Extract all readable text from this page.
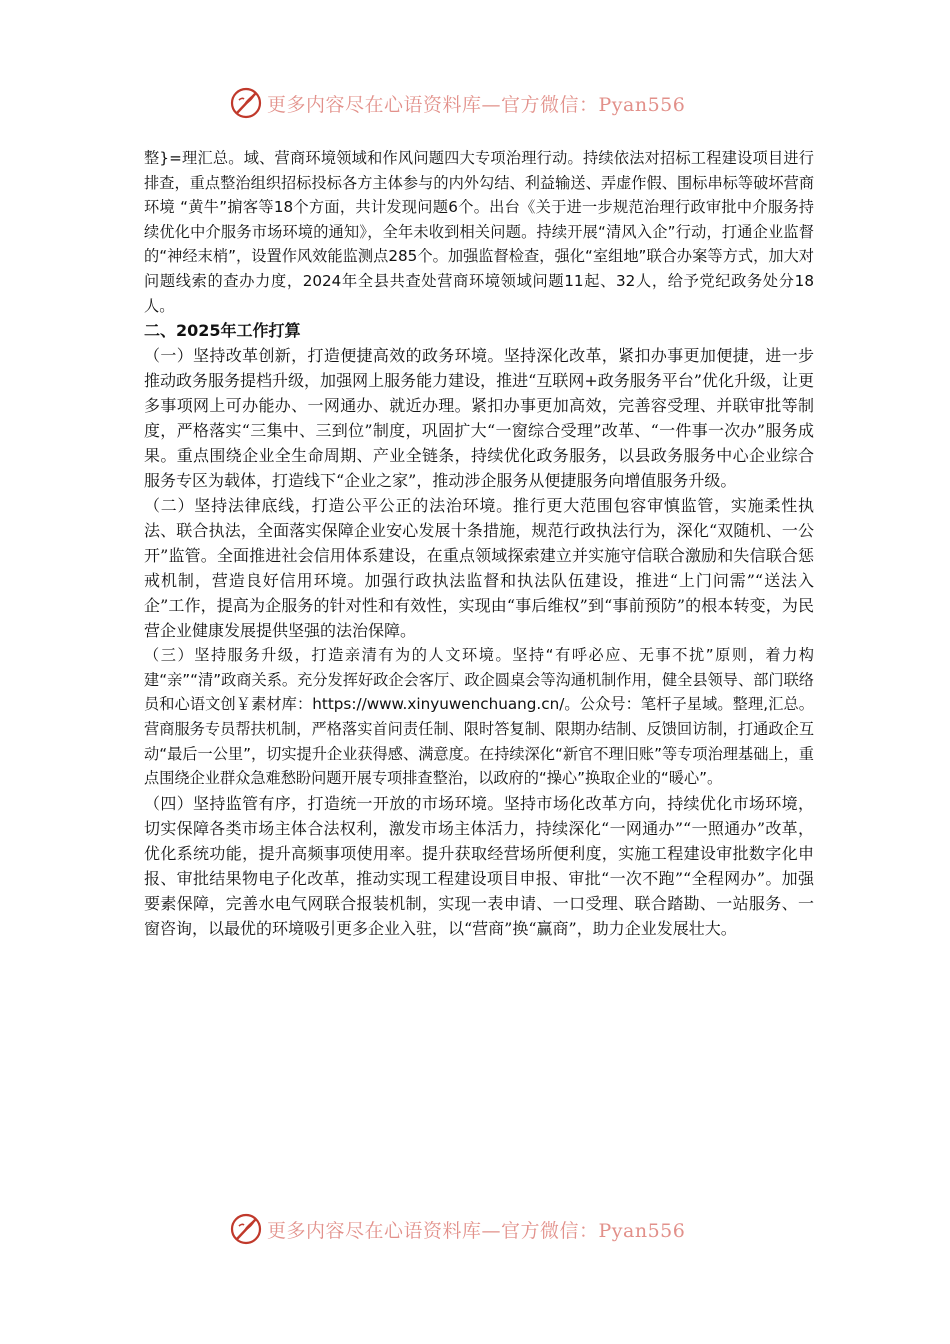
更多内容尽在心语资料库—官方微信：Pyan556

整}=理汇总。域、营商环境领域和作风问题四大专项治理行动。持续依法对招标工程建设项目进行排查，重点整治组织招标投标各方主体参与的内外勾结、利益输送、弄虚作假、围标串标等破坏营商环境 “黄牛”掮客等18个方面，共计发现问题6个。出台《关于进一步规范治理行政审批中介服务持续优化中介服务市场环境的通知》，全年未收到相关问题。持续开展“清风入企”行动，打通企业监督的“神经末梢”，设置作风效能监测点285个。加强监督检查，强化“室组地”联合办案等方式，加大对问题线索的查办力度，2024年全县共查处营商环境领域问题11起、32人，给予党纪政务处分18人。

二、2025年工作打算

（一）坚持改革创新，打造便捷高效的政务环境。坚持深化改革，紧扣办事更加便捷，进一步推动政务服务提档升级，加强网上服务能力建设，推进“互联网+政务服务平台”优化升级，让更多事项网上可办能办、一网通办、就近办理。紧扣办事更加高效，完善容受理、并联审批等制度，严格落实“三集中、三到位”制度，巩固扩大“一窗综合受理”改革、“一件事一次办”服务成果。重点围绕企业全生命周期、产业全链条，持续优化政务服务，以县政务服务中心企业综合服务专区为载体，打造线下“企业之家”，推动涉企服务从便捷服务向增值服务升级。

（二）坚持法律底线，打造公平公正的法治环境。推行更大范围包容审慎监管，实施柔性执法、联合执法，全面落实保障企业安心发展十条措施，规范行政执法行为，深化“双随机、一公开”监管。全面推进社会信用体系建设，在重点领域探索建立并实施守信联合激励和失信联合惩戒机制，营造良好信用环境。加强行政执法监督和执法队伍建设，推进“上门问需”“送法入企”工作，提高为企服务的针对性和有效性，实现由“事后维权”到“事前预防”的根本转变，为民营企业健康发展提供坚强的法治保障。

（三）坚持服务升级，打造亲清有为的人文环境。坚持“有呼必应、无事不扰”原则，着力构建“亲”“清”政商关系。充分发挥好政企会客厅、政企圆桌会等沟通机制作用，健全县领导、部门联络员和心语文创￥素材库：https://www.xinyuwenchuang.cn/。公众号：笔杆子星域。整理,汇总。营商服务专员帮扶机制，严格落实首问责任制、限时答复制、限期办结制、反馈回访制，打通政企互动“最后一公里”，切实提升企业获得感、满意度。在持续深化“新官不理旧账”等专项治理基础上，重点围绕企业群众急难愁盼问题开展专项排查整治，以政府的“操心”换取企业的“暖心”。

（四）坚持监管有序，打造统一开放的市场环境。坚持市场化改革方向，持续优化市场环境，切实保障各类市场主体合法权利，激发市场主体活力，持续深化“一网通办”“一照通办”改革，优化系统功能，提升高频事项使用率。提升获取经营场所便利度，实施工程建设审批数字化申报、审批结果物电子化改革，推动实现工程建设项目申报、审批“一次不跑”“全程网办”。加强要素保障，完善水电气网联合报装机制，实现一表申请、一口受理、联合踏勘、一站服务、一窗咨询，以最优的环境吸引更多企业入驻，以“营商”换“赢商”，助力企业发展壮大。

更多内容尽在心语资料库—官方微信：Pyan556
